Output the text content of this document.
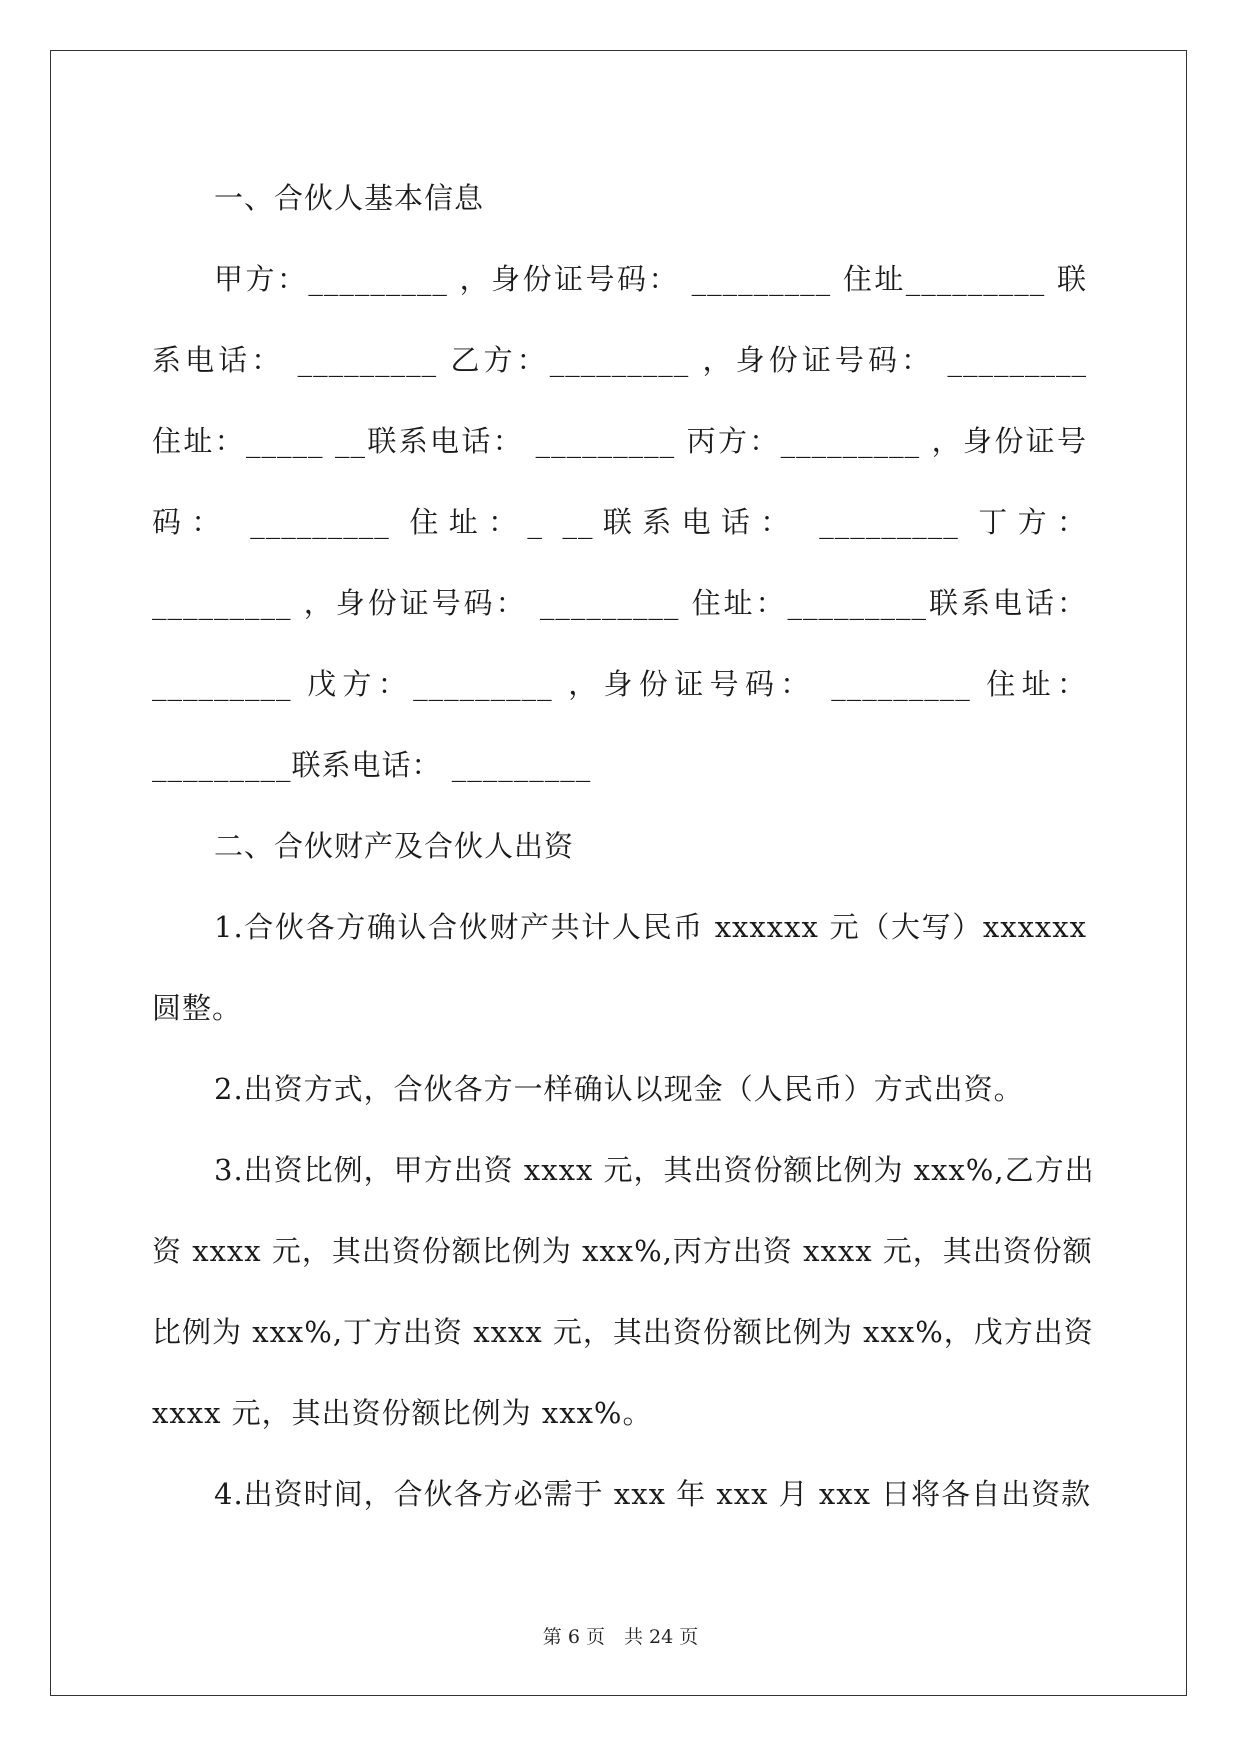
一、合伙人基本信息
甲方：_________ ，身份证号码： _________ 住址_________ 联
系电话： _________ 乙方：_________ ，身份证号码： _________
住址：_____ __联系电话： _________ 丙方：_________ ，身份证号
码： _________ 住址：_ __联系电话： _________ 丁方：
_________ ，身份证号码： _________ 住址：_________联系电话：
_________ 戊方：_________ ，身份证号码： _________ 住址：
_________联系电话： _________
二、合伙财产及合伙人出资
1.合伙各方确认合伙财产共计人民币 xxxxxx 元（大写）xxxxxx
圆整。
2.出资方式，合伙各方一样确认以现金（人民币）方式出资。
3.出资比例，甲方出资 xxxx 元，其出资份额比例为 xxx%,乙方出
资 xxxx 元，其出资份额比例为 xxx%,丙方出资 xxxx 元，其出资份额
比例为 xxx%,丁方出资 xxxx 元，其出资份额比例为 xxx%，戊方出资
xxxx 元，其出资份额比例为 xxx%。
4.出资时间，合伙各方必需于 xxx 年 xxx 月 xxx 日将各自出资款
第 6 页　共 24 页
